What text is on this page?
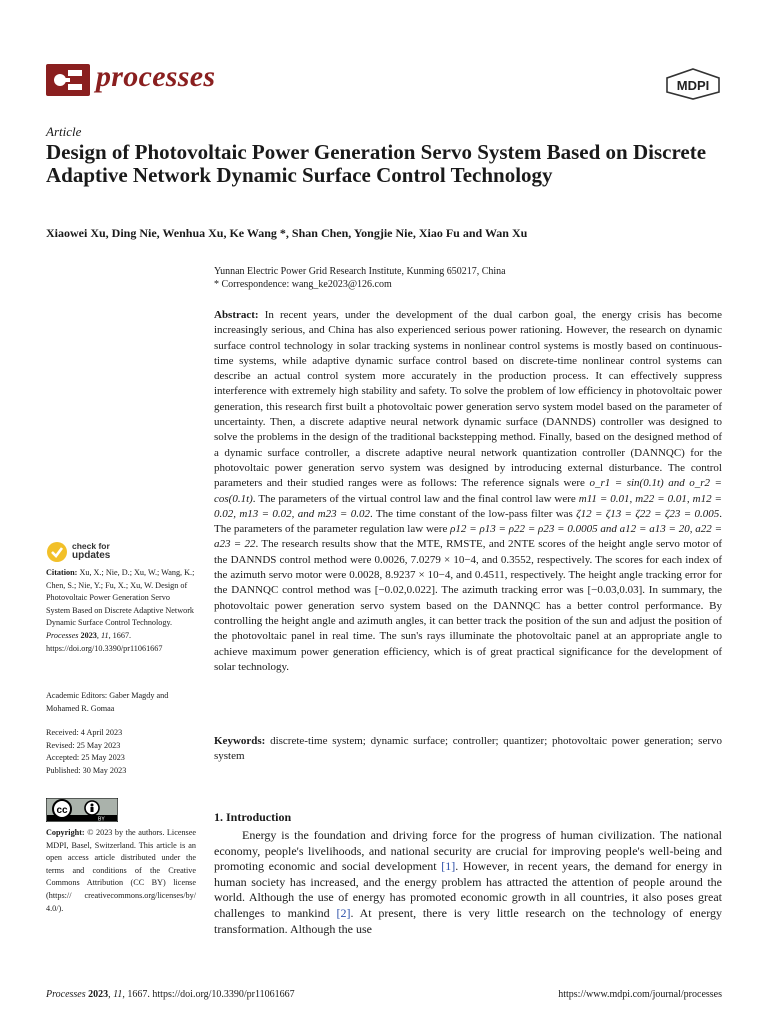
processes	MDPI
Article
Design of Photovoltaic Power Generation Servo System Based on Discrete Adaptive Network Dynamic Surface Control Technology
Xiaowei Xu, Ding Nie, Wenhua Xu, Ke Wang *, Shan Chen, Yongjie Nie, Xiao Fu and Wan Xu
Yunnan Electric Power Grid Research Institute, Kunming 650217, China
* Correspondence: wang_ke2023@126.com

Abstract: In recent years, under the development of the dual carbon goal, the energy crisis has become increasingly serious, and China has also experienced serious power rationing. However, the research on dynamic surface control technology in solar tracking systems in nonlinear control systems is mostly based on continuous-time systems, while adaptive dynamic surface control based on discrete-time nonlinear control systems can describe an actual control system more accurately in the production process. It can effectively suppress interference with extremely high stability and safety. To solve the problem of low efficiency in photovoltaic power generation, this research first built a photovoltaic power generation servo system model based on the parameter of uncertainty. Then, a discrete adaptive neural network dynamic surface (DANNDS) controller was designed to solve the problems in the design of the traditional backstepping method. Finally, based on the designed method of a dynamic surface controller, a discrete adaptive neural network quantization controller (DANNQC) for the photovoltaic power generation servo system was designed by introducing external disturbance. The control parameters and their studied ranges were as follows: The reference signals were o_r1 = sin(0.1t) and o_r2 = cos(0.1t). The parameters of the virtual control law and the final control law were m11 = 0.01, m22 = 0.01, m12 = 0.02, m13 = 0.02, and m23 = 0.02. The time constant of the low-pass filter was ζ12 = ζ13 = ζ22 = ζ23 = 0.005. The parameters of the parameter regulation law were ρ12 = ρ13 = ρ22 = ρ23 = 0.0005 and a12 = a13 = 20, a22 = a23 = 22. The research results show that the MTE, RMSTE, and 2NTE scores of the height angle servo motor of the DANNDS control method were 0.0026, 7.0279 × 10−4, and 0.3552, respectively. The scores for each index of the azimuth servo motor were 0.0028, 8.9237 × 10−4, and 0.4511, respectively. The height angle tracking error for the DANNQC control method was [−0.02,0.022]. The azimuth tracking error was [−0.03,0.03]. In summary, the photovoltaic power generation servo system based on the DANNQC has a better control performance. By controlling the height angle and azimuth angles, it can better track the position of the sun and adjust the position of the photovoltaic panel in real time. The sun's rays illuminate the photovoltaic panel at an appropriate angle to achieve maximum power generation efficiency, which is of great practical significance for the development of solar technology.

Keywords: discrete-time system; dynamic surface; controller; quantizer; photovoltaic power generation; servo system

1. Introduction

Energy is the foundation and driving force for the progress of human civilization. The national economy, people's livelihoods, and national security are crucial for improving people's well-being and promoting economic and social development [1]. However, in recent years, the demand for energy in human society has increased, and the energy problem has attracted the attention of people around the world. Although the use of energy has promoted economic growth in all countries, it also poses great challenges to mankind [2]. At present, there is very little research on the technology of energy transformation. Although the use

check for
updates
Citation: Xu, X.; Nie, D.; Xu, W.; Wang, K.; Chen, S.; Nie, Y.; Fu, X.; Xu, W. Design of Photovoltaic Power Generation Servo System Based on Discrete Adaptive Network Dynamic Surface Control Technology. Processes 2023, 11, 1667. https://doi.org/10.3390/pr11061667
Academic Editors: Gaber Magdy and Mohamed R. Gomaa
Received: 4 April 2023
Revised: 25 May 2023
Accepted: 25 May 2023
Published: 30 May 2023
cc
BY
Copyright: © 2023 by the authors. Licensee MDPI, Basel, Switzerland. This article is an open access article distributed under the terms and conditions of the Creative Commons Attribution (CC BY) license (https:// creativecommons.org/licenses/by/ 4.0/).
Processes 2023, 11, 1667. https://doi.org/10.3390/pr11061667	https://www.mdpi.com/journal/processes
